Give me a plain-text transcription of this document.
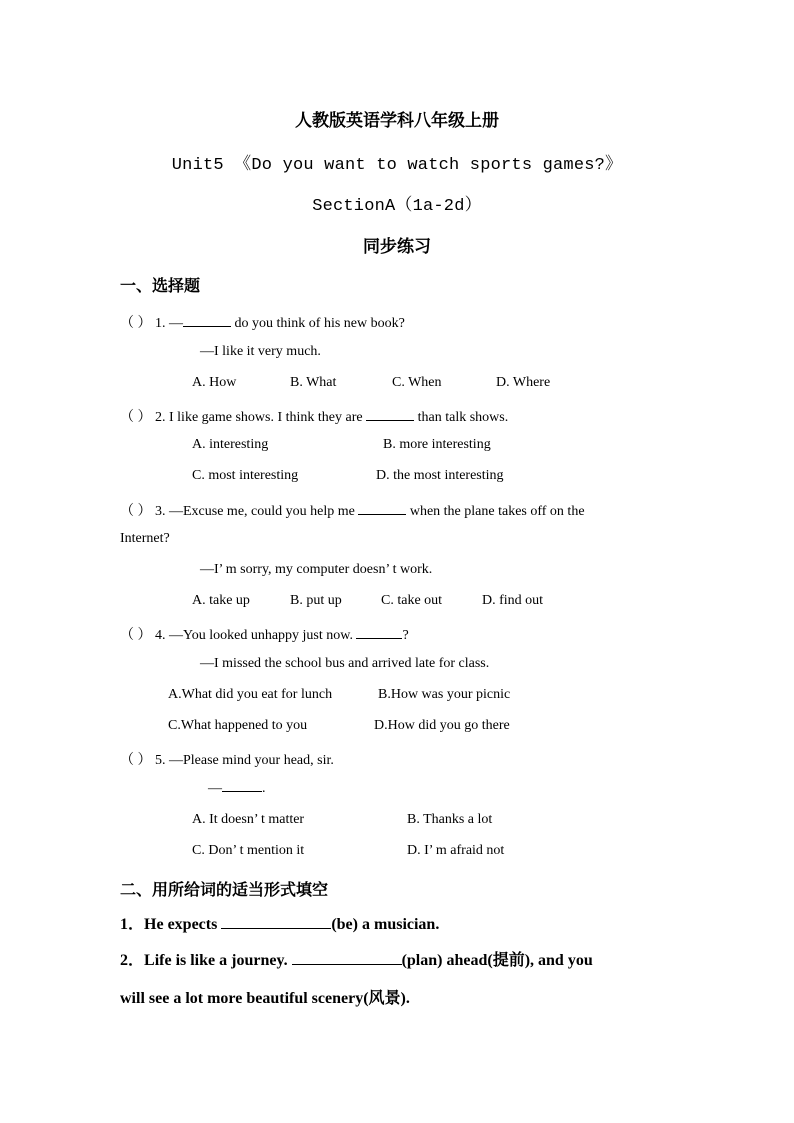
人教版英语学科八年级上册
Unit5 《Do you want to watch sports games?》
SectionA（1a-2d）
同步练习
一、选择题
（ ） 1. —	do you think of his new book?
—I like it very much.
A. How	B. What	C. When	D. Where
（ ） 2. I like game shows. I think they are	than talk shows.
A. interesting	B. more interesting
C. most interesting	D. the most interesting
（ ） 3. —Excuse me, could you help me	when the plane takes off on the
Internet?
—I’ m sorry, my computer doesn’ t work.
A. take up	B. put up	C. take out	D. find out
（ ） 4. —You looked unhappy just now.	?
—I missed the school bus and arrived late for class.
A.What did you eat for lunch	B.How was your picnic
C.What happened to you	D.How did you go there
（ ） 5. —Please mind your head, sir.
—	.
A. It doesn’ t matter	B. Thanks a lot
C. Don’ t mention it	D. I’ m afraid not
二、用所给词的适当形式填空
1．He expects	(be) a musician.
2．Life is like a journey.	(plan) ahead(提前), and you
will see a lot more beautiful scenery(风景).
